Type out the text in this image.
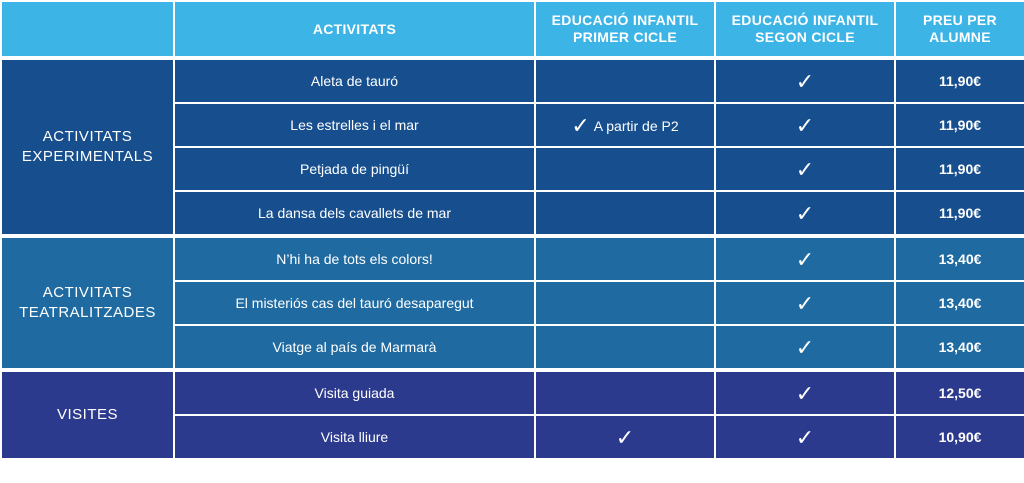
	ACTIVITATS	EDUCACIÓ INFANTIL PRIMER CICLE	EDUCACIÓ INFANTIL SEGON CICLE	PREU PER ALUMNE
ACTIVITATS EXPERIMENTALS	Aleta de tauró		✓	11,90€
	Les estrelles i el mar	✓ A partir de P2	✓	11,90€
	Petjada de pingüí		✓	11,90€
	La dansa dels cavallets de mar		✓	11,90€
ACTIVITATS TEATRALITZADES	N’hi ha de tots els colors!		✓	13,40€
	El misteriós cas del tauró desaparegut		✓	13,40€
	Viatge al país de Marmarà		✓	13,40€
VISITES	Visita guiada		✓	12,50€
	Visita lliure	✓	✓	10,90€
